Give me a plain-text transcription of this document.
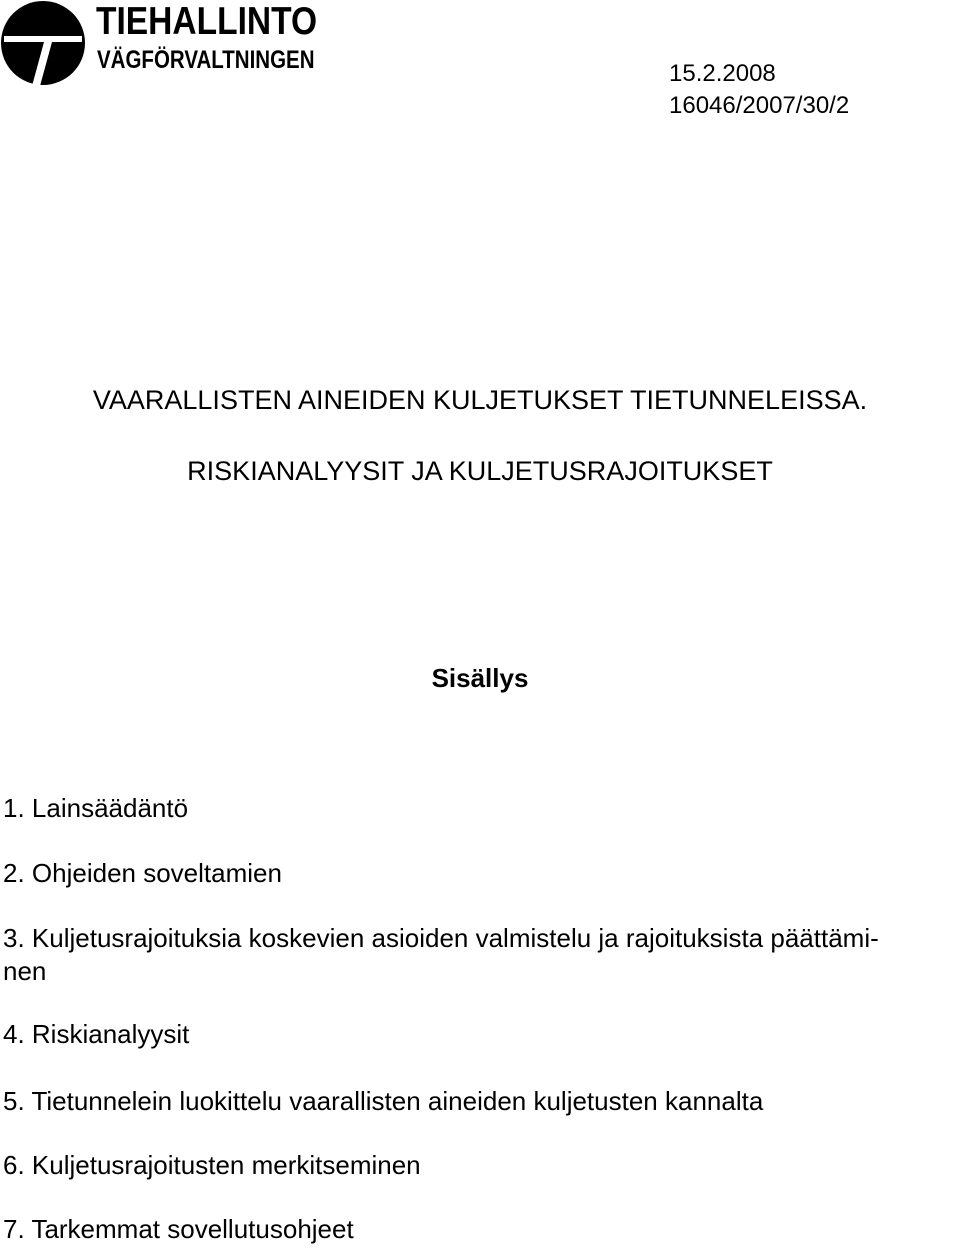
TIEHALLINTO
VÄGFÖRVALTNINGEN	15.2.2008
16046/2007/30/2
VAARALLISTEN AINEIDEN KULJETUKSET TIETUNNELEISSA.
RISKIANALYYSIT JA KULJETUSRAJOITUKSET
Sisällys
1. Lainsäädäntö
2. Ohjeiden soveltamien
3. Kuljetusrajoituksia koskevien asioiden valmistelu ja rajoituksista päättämi-
nen
4. Riskianalyysit
5. Tietunnelein luokittelu vaarallisten aineiden kuljetusten kannalta
6. Kuljetusrajoitusten merkitseminen
7. Tarkemmat sovellutusohjeet
